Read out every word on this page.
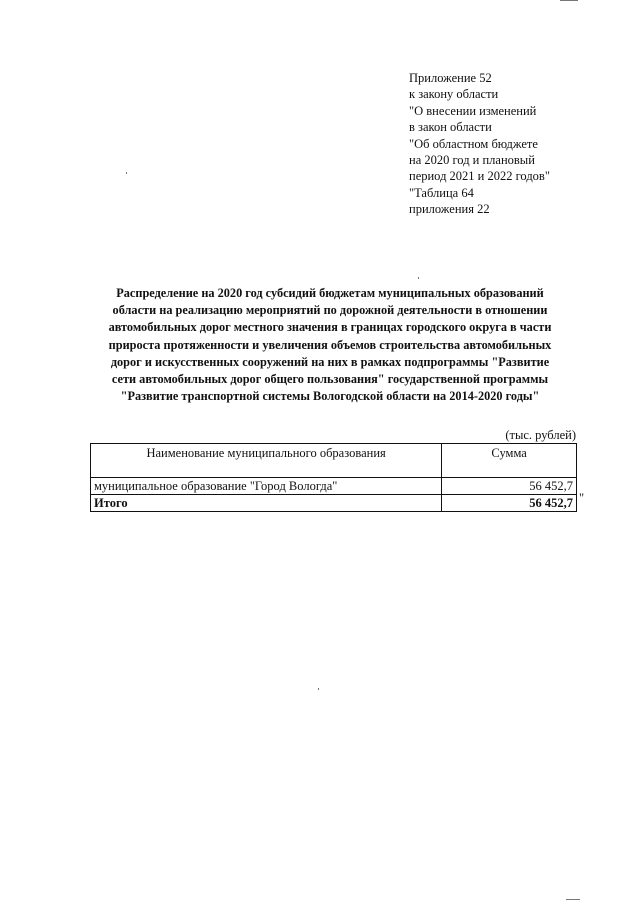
Приложение 52
к закону области
"О внесении изменений
в закон области
"Об областном бюджете
на 2020 год и плановый
период 2021 и 2022 годов"
"Таблица 64
приложения 22
Распределение на 2020 год субсидий бюджетам муниципальных образований
области на реализацию мероприятий по дорожной деятельности в отношении
автомобильных дорог местного значения в границах городского округа в части
прироста протяженности и увеличения объемов строительства автомобильных
дорог и искусственных сооружений на них в рамках подпрограммы "Развитие
сети автомобильных дорог общего пользования" государственной программы
"Развитие транспортной системы Вологодской области на 2014-2020 годы"
(тыс. рублей)
Наименование муниципального образования	Сумма
муниципальное образование "Город Вологда"	56 452,7
Итого	56 452,7 "
